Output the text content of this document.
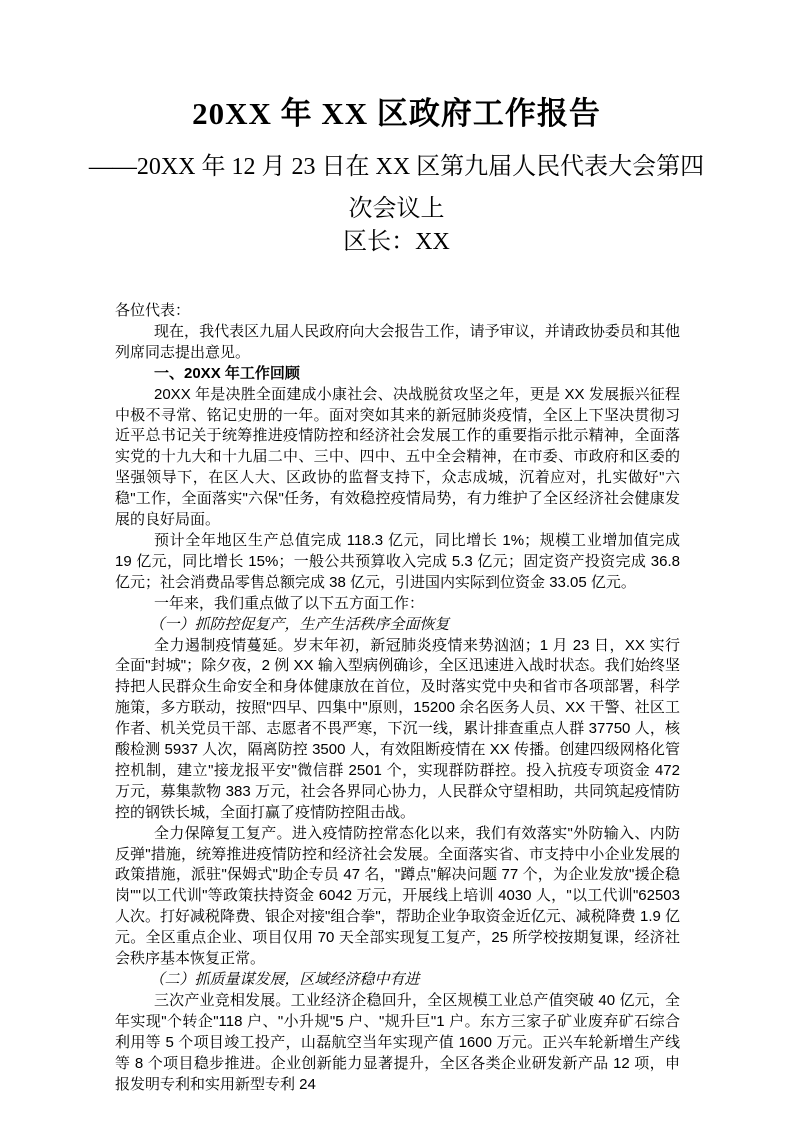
20XX 年 XX 区政府工作报告
——20XX 年 12 月 23 日在 XX 区第九届人民代表大会第四
次会议上
区长：XX

各位代表：

现在，我代表区九届人民政府向大会报告工作，请予审议，并请政协委员和其他列席同志提出意见。

一、20XX 年工作回顾

20XX 年是决胜全面建成小康社会、决战脱贫攻坚之年，更是 XX 发展振兴征程中极不寻常、铭记史册的一年。面对突如其来的新冠肺炎疫情，全区上下坚决贯彻习近平总书记关于统筹推进疫情防控和经济社会发展工作的重要指示批示精神，全面落实党的十九大和十九届二中、三中、四中、五中全会精神，在市委、市政府和区委的坚强领导下，在区人大、区政协的监督支持下，众志成城，沉着应对，扎实做好"六稳"工作，全面落实"六保"任务，有效稳控疫情局势，有力维护了全区经济社会健康发展的良好局面。

预计全年地区生产总值完成 118.3 亿元，同比增长 1%；规模工业增加值完成 19 亿元，同比增长 15%；一般公共预算收入完成 5.3 亿元；固定资产投资完成 36.8 亿元；社会消费品零售总额完成 38 亿元，引进国内实际到位资金 33.05 亿元。

一年来，我们重点做了以下五方面工作：

（一）抓防控促复产，生产生活秩序全面恢复

全力遏制疫情蔓延。岁末年初，新冠肺炎疫情来势汹汹；1 月 23 日，XX 实行全面"封城"；除夕夜，2 例 XX 输入型病例确诊，全区迅速进入战时状态。我们始终坚持把人民群众生命安全和身体健康放在首位，及时落实党中央和省市各项部署，科学施策，多方联动，按照"四早、四集中"原则，15200 余名医务人员、XX 干警、社区工作者、机关党员干部、志愿者不畏严寒，下沉一线，累计排查重点人群 37750 人，核酸检测 5937 人次，隔离防控 3500 人，有效阻断疫情在 XX 传播。创建四级网格化管控机制，建立"接龙报平安"微信群 2501 个，实现群防群控。投入抗疫专项资金 472 万元，募集款物 383 万元，社会各界同心协力，人民群众守望相助，共同筑起疫情防控的钢铁长城，全面打赢了疫情防控阻击战。

全力保障复工复产。进入疫情防控常态化以来，我们有效落实"外防输入、内防反弹"措施，统筹推进疫情防控和经济社会发展。全面落实省、市支持中小企业发展的政策措施，派驻"保姆式"助企专员 47 名，"蹲点"解决问题 77 个，为企业发放"援企稳岗""以工代训"等政策扶持资金 6042 万元，开展线上培训 4030 人，"以工代训"62503 人次。打好减税降费、银企对接"组合拳"，帮助企业争取资金近亿元、减税降费 1.9 亿元。全区重点企业、项目仅用 70 天全部实现复工复产，25 所学校按期复课，经济社会秩序基本恢复正常。

（二）抓质量谋发展，区域经济稳中有进

三次产业竞相发展。工业经济企稳回升，全区规模工业总产值突破 40 亿元，全年实现"个转企"118 户、"小升规"5 户、"规升巨"1 户。东方三家子矿业废弃矿石综合利用等 5 个项目竣工投产，山磊航空当年实现产值 1600 万元。正兴车轮新增生产线等 8 个项目稳步推进。企业创新能力显著提升，全区各类企业研发新产品 12 项，申报发明专利和实用新型专利 24
